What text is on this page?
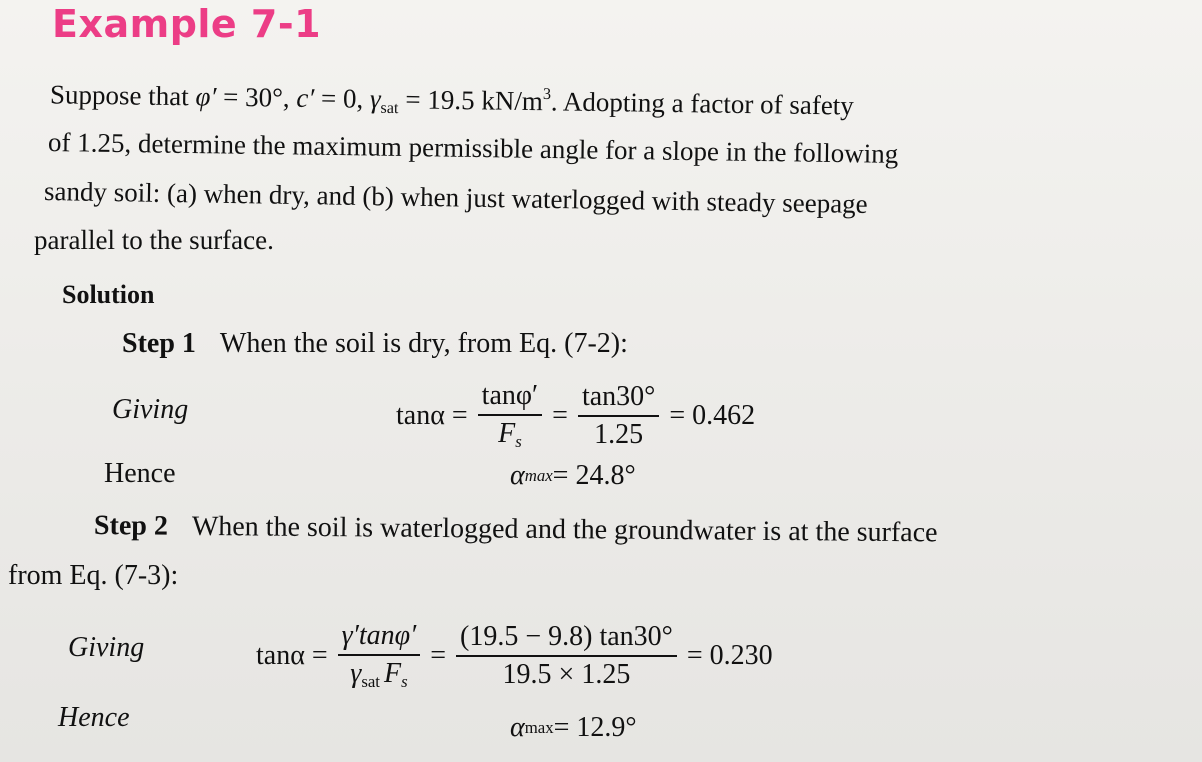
Example 7-1
Suppose that φ′ = 30°, c′ = 0, $\gamma_{sat} = 19.5$ $kN/m^3$. Adopting a factor of safety
of 1.25, determine the maximum permissible angle for a slope in the following
sandy soil: (a) when dry, and (b) when just waterlogged with steady seepage
parallel to the surface.
Solution
Step 1 When the soil is dry, from Eq. (7-2):
Giving	$\tan\alpha = \frac{\tan\varphi'}{F_s} = \frac{\tan 30^\circ}{1.25} = 0.462$
Hence	α max = 24.8°
Step 2 When the soil is waterlogged and the groundwater is at the surface
from Eq. (7-3):
Giving	$\tan\alpha = \frac{\gamma'\tan\varphi'}{\gamma_{sat} F_s} = \frac{(19.5 - 9.8) \tan 30^\circ}{19.5 \times 1.25} = 0.230$
Hence	α max = 12.9°
